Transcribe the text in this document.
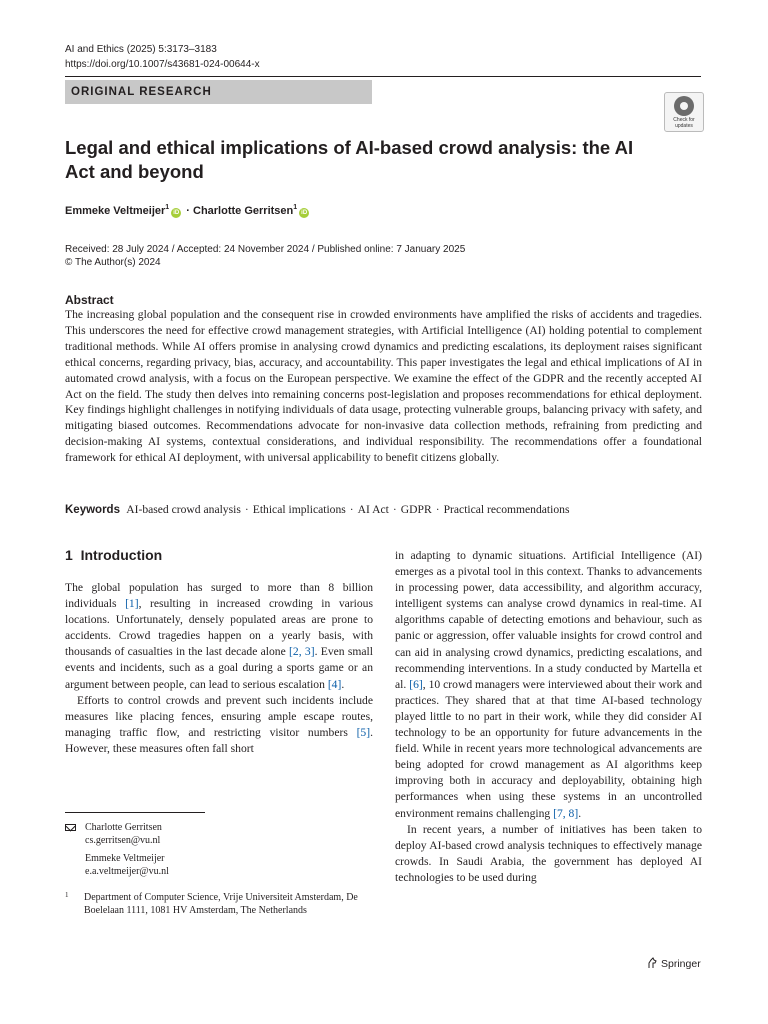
AI and Ethics (2025) 5:3173–3183
https://doi.org/10.1007/s43681-024-00644-x
ORIGINAL RESEARCH
Check for updates
Legal and ethical implications of AI-based crowd analysis: the AI Act and beyond
Emmeke Veltmeijer$^1$iD · Charlotte Gerritsen$^1$iD
Received: 28 July 2024 / Accepted: 24 November 2024 / Published online: 7 January 2025
© The Author(s) 2024
Abstract
The increasing global population and the consequent rise in crowded environments have amplified the risks of accidents and tragedies. This underscores the need for effective crowd management strategies, with Artificial Intelligence (AI) holding potential to complement traditional methods. While AI offers promise in analysing crowd dynamics and predicting escalations, its deployment raises significant ethical concerns, regarding privacy, bias, accuracy, and accountability. This paper investigates the legal and ethical implications of AI in automated crowd analysis, with a focus on the European perspective. We examine the effect of the GDPR and the recently accepted AI Act on the field. The study then delves into remaining concerns post-legislation and proposes recommendations for ethical deployment. Key findings highlight challenges in notifying individuals of data usage, protecting vulnerable groups, balancing privacy with safety, and mitigating biased outcomes. Recommendations advocate for non-invasive data collection methods, refraining from predicting and decision-making AI systems, contextual considerations, and individual responsibility. The recommendations offer a foundational framework for ethical AI deployment, with universal applicability to benefit citizens globally.
Keywords AI-based crowd analysis · Ethical implications · AI Act · GDPR · Practical recommendations
1 Introduction

The global population has surged to more than 8 billion individuals [1], resulting in increased crowding in various locations. Unfortunately, densely populated areas are prone to accidents. Crowd tragedies happen on a yearly basis, with thousands of casualties in the last decade alone [2, 3]. Even small events and incidents, such as a goal during a sports game or an argument between people, can lead to serious escalation [4].

Efforts to control crowds and prevent such incidents include measures like placing fences, ensuring ample escape routes, managing traffic flow, and restricting visitor numbers [5]. However, these measures often fall short

in adapting to dynamic situations. Artificial Intelligence (AI) emerges as a pivotal tool in this context. Thanks to advancements in processing power, data accessibility, and algorithm accuracy, intelligent systems can analyse crowd dynamics in real-time. AI algorithms capable of detecting emotions and behaviour, such as panic or aggression, offer valuable insights for crowd control and can aid in analysing crowd dynamics, predicting escalations, and recommending interventions. In a study conducted by Martella et al. [6], 10 crowd managers were interviewed about their work and practices. They shared that at that time AI-based technology played little to no part in their work, while they did consider AI technology to be an opportunity for future advancements in the field. While in recent years more technological advancements are being adopted for crowd management as AI algorithms keep improving both in accuracy and deployability, obtaining high performances when using these systems in an uncontrolled environment remains challenging [7, 8].

In recent years, a number of initiatives has been taken to deploy AI-based crowd analysis techniques to effectively manage crowds. In Saudi Arabia, the government has deployed AI technologies to be used during

Charlotte Gerritsen
cs.gerritsen@vu.nl
Emmeke Veltmeijer
e.a.veltmeijer@vu.nl
1 Department of Computer Science, Vrije Universiteit Amsterdam, De Boelelaan 1111, 1081 HV Amsterdam, The Netherlands
Springer
